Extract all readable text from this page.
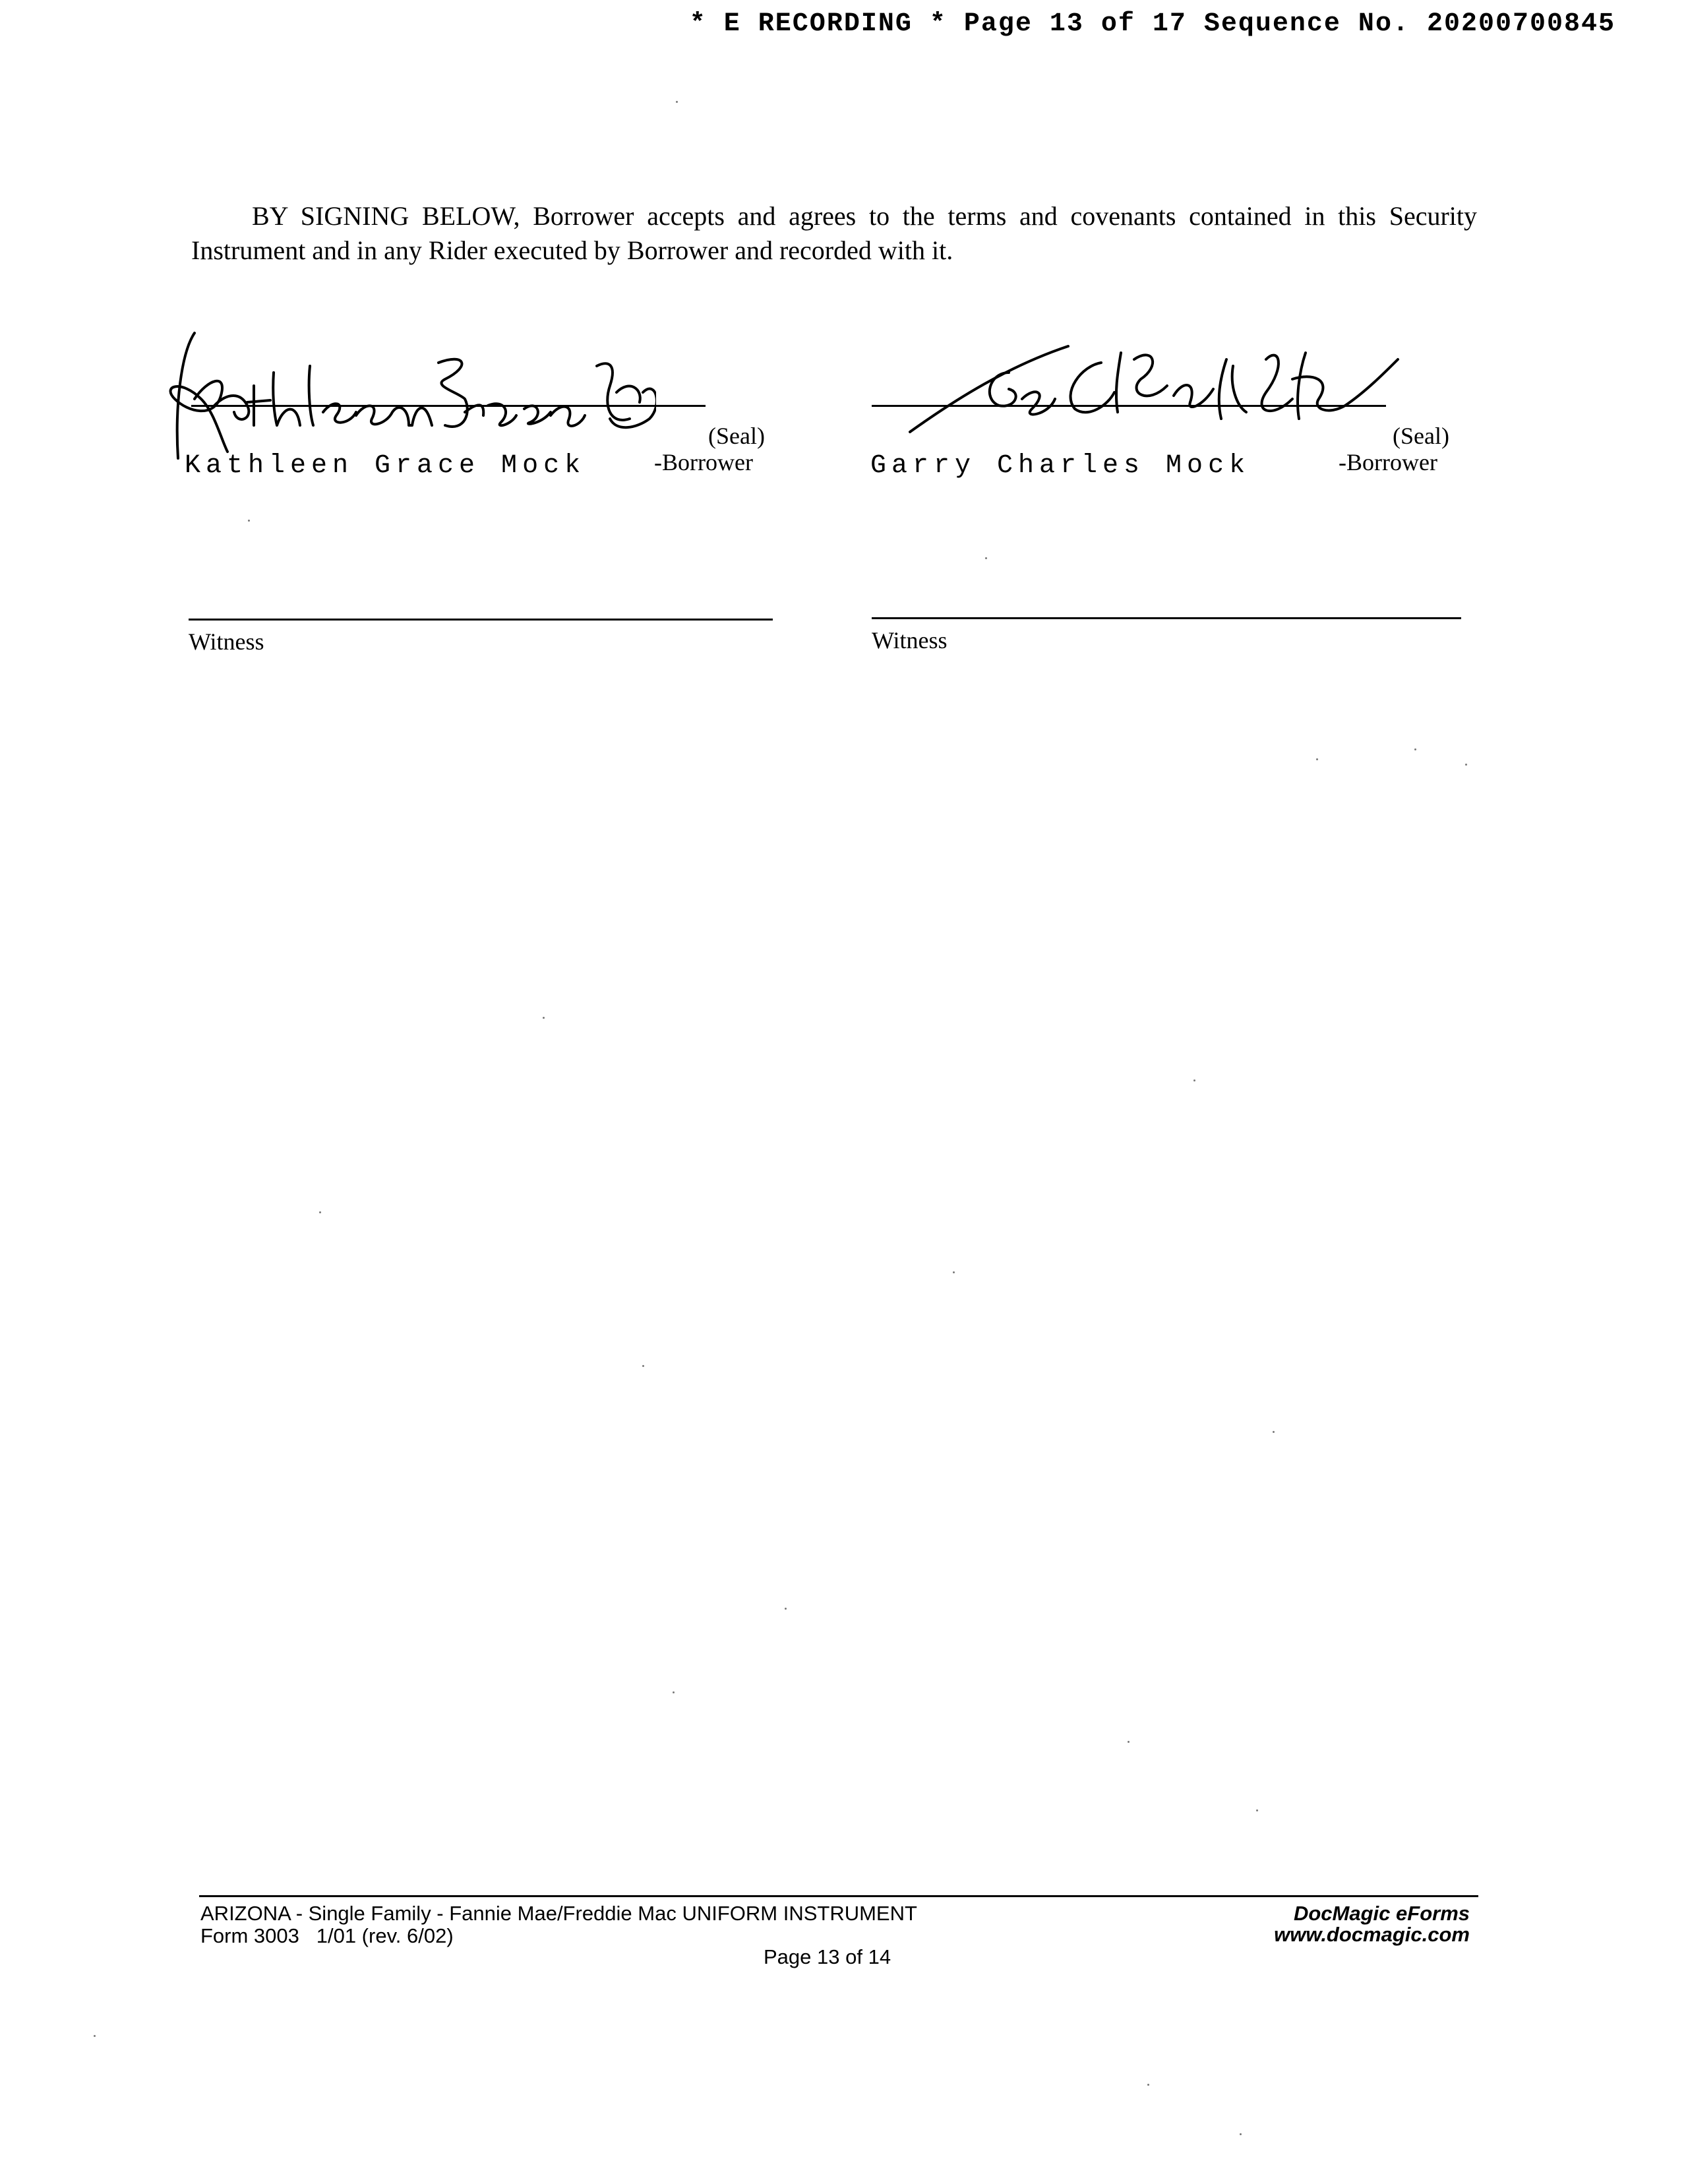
* E RECORDING * Page 13 of 17 Sequence No. 20200700845
BY SIGNING BELOW, Borrower accepts and agrees to the terms and covenants contained in this Security Instrument and in any Rider executed by Borrower and recorded with it.
(Seal)
Kathleen Grace Mock	-Borrower
(Seal)
Garry Charles Mock	-Borrower
Witness	Witness
ARIZONA - Single Family - Fannie Mae/Freddie Mac UNIFORM INSTRUMENT
Form 3003   1/01 (rev. 6/02)
Page 13 of 14
DocMagic eForms
www.docmagic.com
